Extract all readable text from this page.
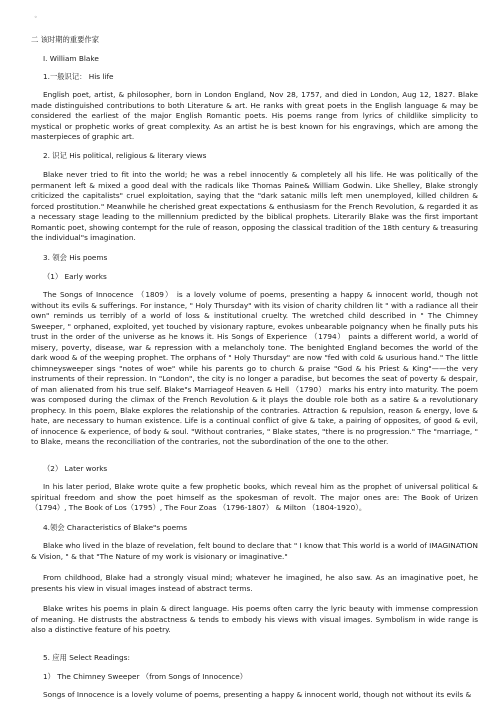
◦
二 该时期的重要作家
I. William Blake
1.一般识记： His life
English poet, artist, & philosopher, born in London England, Nov 28, 1757, and died in London, Aug 12, 1827. Blake made distinguished contributions to both Literature & art. He ranks with great poets in the English language & may be considered the earliest of the major English Romantic poets. His poems range from lyrics of childlike simplicity to mystical or prophetic works of great complexity. As an artist he is best known for his engravings, which are among the masterpieces of graphic art.
2. 识记 His political, religious & literary views
Blake never tried to fit into the world; he was a rebel innocently & completely all his life. He was politically of the permanent left & mixed a good deal with the radicals like Thomas Paine& William Godwin. Like Shelley, Blake strongly criticized the capitalists" cruel exploitation, saying that the "dark satanic mills left men unemployed, killed children & forced prostitution." Meanwhile he cherished great expectations & enthusiasm for the French Revolution, & regarded it as a necessary stage leading to the millennium predicted by the biblical prophets. Literarily Blake was the first important Romantic poet, showing contempt for the rule of reason, opposing the classical tradition of the 18th century & treasuring the individual"s imagination.
3. 领会 His poems
（1） Early works
The Songs of Innocence （1809） is a lovely volume of poems, presenting a happy & innocent world, though not without its evils & sufferings. For instance, " Holy Thursday" with its vision of charity children lit " with a radiance all their own" reminds us terribly of a world of loss & institutional cruelty. The wretched child described in " The Chimney Sweeper, " orphaned, exploited, yet touched by visionary rapture, evokes unbearable poignancy when he finally puts his trust in the order of the universe as he knows it. His Songs of Experience （1794） paints a different world, a world of misery, poverty, disease, war & repression with a melancholy tone. The benighted England becomes the world of the dark wood & of the weeping prophet. The orphans of " Holy Thursday" are now "fed with cold & usurious hand." The little chimneysweeper sings "notes of woe" while his parents go to church & praise "God & his Priest & King"——the very instruments of their repression. In "London", the city is no longer a paradise, but becomes the seat of poverty & despair, of man alienated from his true self. Blake"s Marriageof Heaven & Hell （1790） marks his entry into maturity. The poem was composed during the climax of the French Revolution & it plays the double role both as a satire & a revolutionary prophecy. In this poem, Blake explores the relationship of the contraries. Attraction & repulsion, reason & energy, love & hate, are necessary to human existence. Life is a continual conflict of give & take, a pairing of opposites, of good & evil, of innocence & experience, of body & soul. "Without contraries, " Blake states, "there is no progression." The "marriage, " to Blake, means the reconciliation of the contraries, not the subordination of the one to the other.
（2） Later works
In his later period, Blake wrote quite a few prophetic books, which reveal him as the prophet of universal political & spiritual freedom and show the poet himself as the spokesman of revolt. The major ones are: The Book of Urizen（1794）, The Book of Los（1795）, The Four Zoas （1796-1807） & Milton （1804-1920）。
4.领会 Characteristics of Blake"s poems
Blake who lived in the blaze of revelation, felt bound to declare that " I know that This world is a world of IMAGINATION & Vision, " & that "The Nature of my work is visionary or imaginative."
From childhood, Blake had a strongly visual mind; whatever he imagined, he also saw. As an imaginative poet, he presents his view in visual images instead of abstract terms.
Blake writes his poems in plain & direct language. His poems often carry the lyric beauty with immense compression of meaning. He distrusts the abstractness & tends to embody his views with visual images. Symbolism in wide range is also a distinctive feature of his poetry.
5. 应用 Select Readings:
1） The Chimney Sweeper （from Songs of Innocence）
Songs of Innocence is a lovely volume of poems, presenting a happy & innocent world, though not without its evils &
